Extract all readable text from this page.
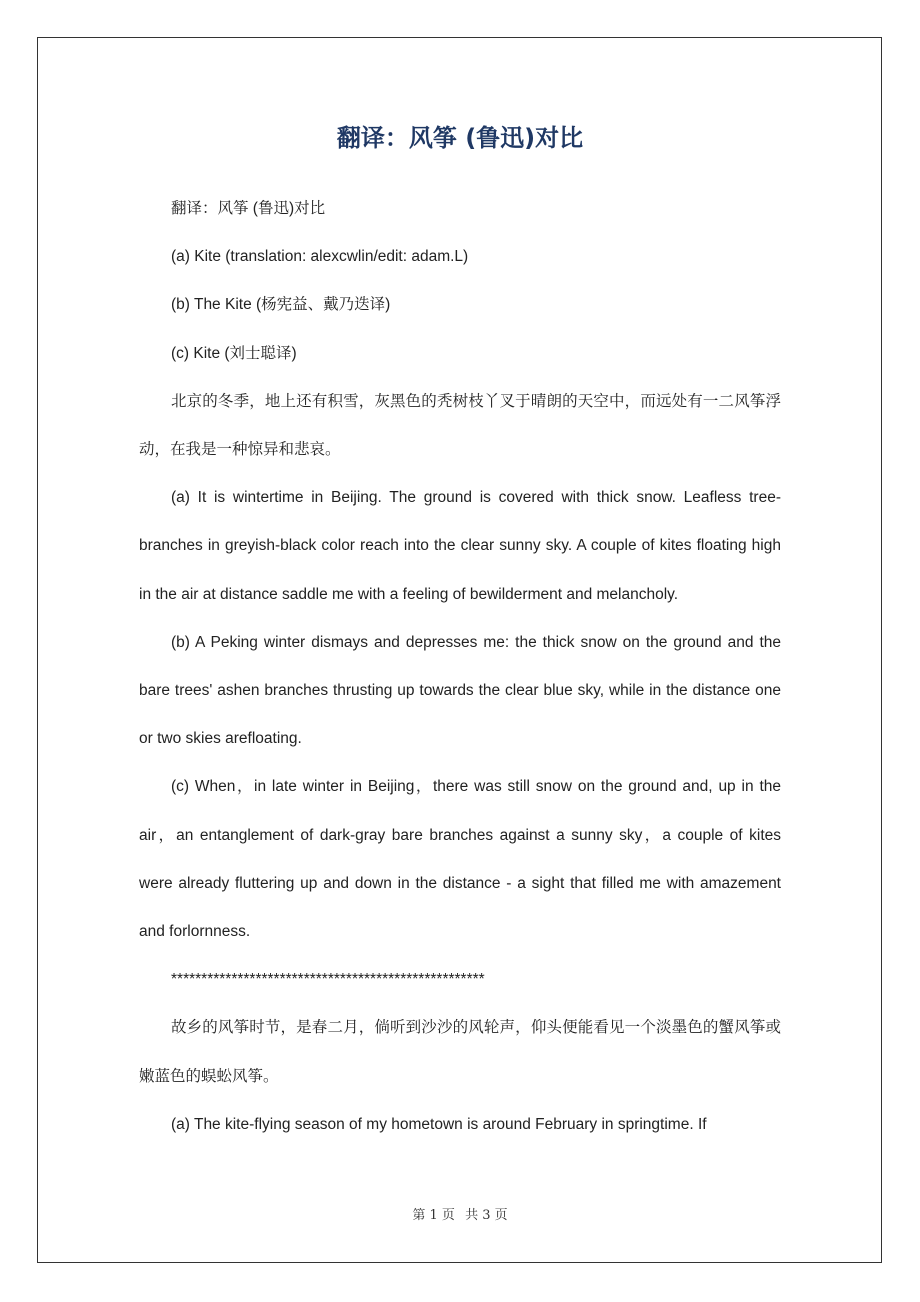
翻译：风筝 (鲁迅)对比

翻译：风筝 (鲁迅)对比

(a) Kite (translation: alexcwlin/edit: adam.L)

(b) The Kite (杨宪益、戴乃迭译)

(c) Kite (刘士聪译)

北京的冬季，地上还有积雪，灰黑色的秃树枝丫叉于晴朗的天空中，而远处有一二风筝浮动，在我是一种惊异和悲哀。

(a) It is wintertime in Beijing. The ground is covered with thick snow. Leafless tree-branches in greyish-black color reach into the clear sunny sky. A couple of kites floating high in the air at distance saddle me with a feeling of bewilderment and melancholy.

(b) A Peking winter dismays and depresses me: the thick snow on the ground and the bare trees' ashen branches thrusting up towards the clear blue sky, while in the distance one or two skies arefloating.

(c) When，in late winter in Beijing，there was still snow on the ground and, up in the air，an entanglement of dark-gray bare branches against a sunny sky，a couple of kites were already fluttering up and down in the distance - a sight that filled me with amazement and forlornness.

****************************************************

故乡的风筝时节，是春二月，倘听到沙沙的风轮声，仰头便能看见一个淡墨色的蟹风筝或嫩蓝色的蜈蚣风筝。

(a) The kite-flying season of my hometown is around February in springtime. If

第 1 页 共 3 页
